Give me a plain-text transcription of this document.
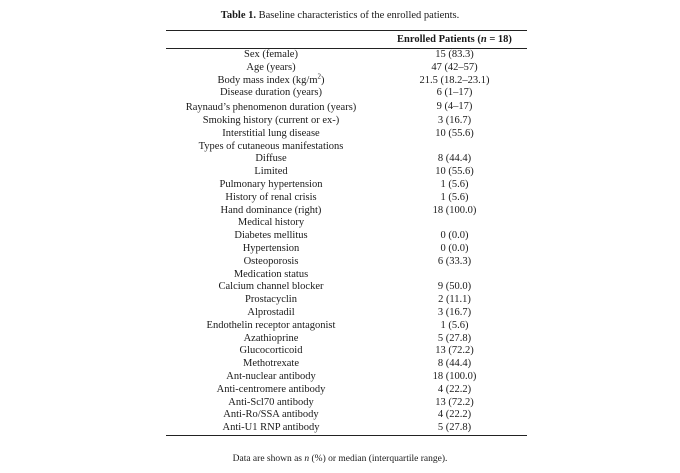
Table 1. Baseline characteristics of the enrolled patients.
	Enrolled Patients (n = 18)
Sex (female)	15 (83.3)
Age (years)	47 (42–57)
Body mass index $(kg/m^2)$	21.5 (18.2–23.1)
Disease duration (years)	6 (1–17)
Raynaud’s phenomenon duration (years)	9 (4–17)
Smoking history (current or ex-)	3 (16.7)
Interstitial lung disease	10 (55.6)
Types of cutaneous manifestations	
Diffuse	8 (44.4)
Limited	10 (55.6)
Pulmonary hypertension	1 (5.6)
History of renal crisis	1 (5.6)
Hand dominance (right)	18 (100.0)
Medical history	
Diabetes mellitus	0 (0.0)
Hypertension	0 (0.0)
Osteoporosis	6 (33.3)
Medication status	
Calcium channel blocker	9 (50.0)
Prostacyclin	2 (11.1)
Alprostadil	3 (16.7)
Endothelin receptor antagonist	1 (5.6)
Azathioprine	5 (27.8)
Glucocorticoid	13 (72.2)
Methotrexate	8 (44.4)
Ant-nuclear antibody	18 (100.0)
Anti-centromere antibody	4 (22.2)
Anti-Scl70 antibody	13 (72.2)
Anti-Ro/SSA antibody	4 (22.2)
Anti-U1 RNP antibody	5 (27.8)
Data are shown as n (%) or median (interquartile range).
